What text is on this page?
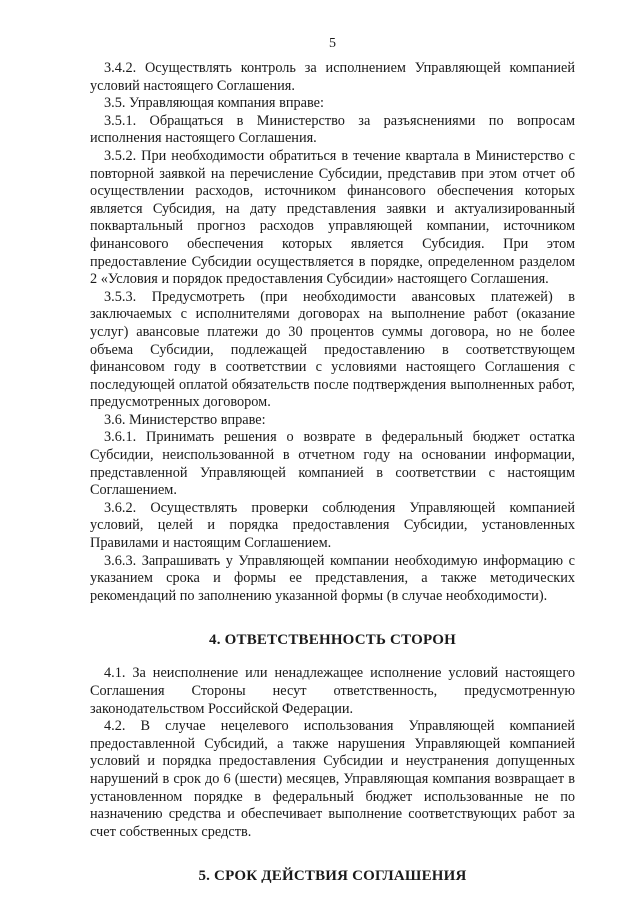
5

3.4.2. Осуществлять контроль за исполнением Управляющей компанией условий настоящего Соглашения.

3.5. Управляющая компания вправе:

3.5.1. Обращаться в Министерство за разъяснениями по вопросам исполнения настоящего Соглашения.

3.5.2. При необходимости обратиться в течение квартала в Министерство с повторной заявкой на перечисление Субсидии, представив при этом отчет об осуществлении расходов, источником финансового обеспечения которых является Субсидия, на дату представления заявки и актуализированный поквартальный прогноз расходов управляющей компании, источником финансового обеспечения которых является Субсидия. При этом предоставление Субсидии осуществляется в порядке, определенном разделом 2 «Условия и порядок предоставления Субсидии» настоящего Соглашения.

3.5.3. Предусмотреть (при необходимости авансовых платежей) в заключаемых с исполнителями договорах на выполнение работ (оказание услуг) авансовые платежи до 30 процентов суммы договора, но не более объема Субсидии, подлежащей предоставлению в соответствующем финансовом году в соответствии с условиями настоящего Соглашения с последующей оплатой обязательств после подтверждения выполненных работ, предусмотренных договором.

3.6. Министерство вправе:

3.6.1. Принимать решения о возврате в федеральный бюджет остатка Субсидии, неиспользованной в отчетном году на основании информации, представленной Управляющей компанией в соответствии с настоящим Соглашением.

3.6.2. Осуществлять проверки соблюдения Управляющей компанией условий, целей и порядка предоставления Субсидии, установленных Правилами и настоящим Соглашением.

3.6.3. Запрашивать у Управляющей компании необходимую информацию с указанием срока и формы ее представления, а также методических рекомендаций по заполнению указанной формы (в случае необходимости).

4. ОТВЕТСТВЕННОСТЬ СТОРОН

4.1. За неисполнение или ненадлежащее исполнение условий настоящего Соглашения Стороны несут ответственность, предусмотренную законодательством Российской Федерации.

4.2. В случае нецелевого использования Управляющей компанией предоставленной Субсидий, а также нарушения Управляющей компанией условий и порядка предоставления Субсидии и неустранения допущенных нарушений в срок до 6 (шести) месяцев, Управляющая компания возвращает в установленном порядке в федеральный бюджет использованные не по назначению средства и обеспечивает выполнение соответствующих работ за счет собственных средств.

5. СРОК ДЕЙСТВИЯ СОГЛАШЕНИЯ
